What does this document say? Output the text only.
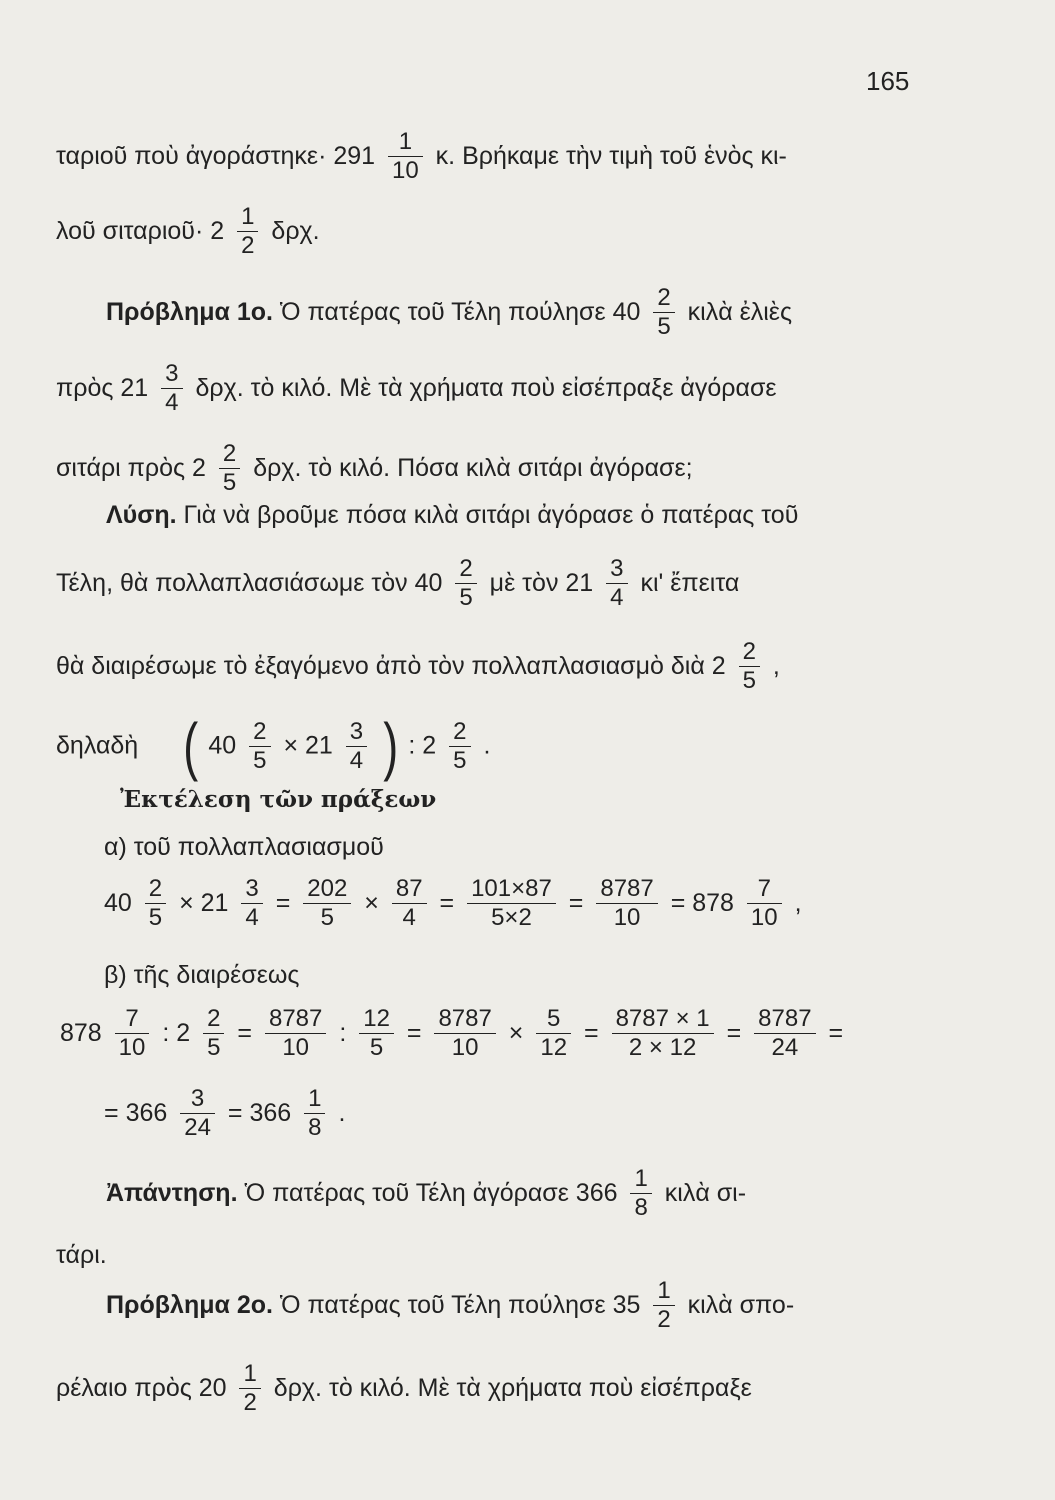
165
ταριοῦ ποὺ ἀγοράστηκε· $291 \frac{1}{10} \kappa$. Βρήκαμε τὴν τιμὴ τοῦ ἑνὸς κι-
λοῦ σιταριοῦ· $2 \frac{1}{2} \delta\rho\chi$.
Πρόβλημα 1ο. Ὁ πατέρας τοῦ Τέλη πούλησε $40 \frac{2}{5}$ κιλὰ ἐλιὲς
πρὸς $21 \frac{3}{4} \delta\rho\chi$. τὸ κιλό. Μὲ τὰ χρήματα ποὺ εἰσέπραξε ἀγόρασε
σιτάρι πρὸς $2 \frac{2}{5} \delta\rho\chi$. τὸ κιλό. Πόσα κιλὰ σιτάρι ἀγόρασε;
Λύση. Γιὰ νὰ βροῦμε πόσα κιλὰ σιτάρι ἀγόρασε ὁ πατέρας τοῦ
Τέλη, θὰ πολλαπλασιάσωμε τὸν $40 \frac{2}{5}$ μὲ τὸν $21 \frac{3}{4} \kappa\iota'$ ἔπειτα
θὰ διαιρέσωμε τὸ ἐξαγόμενο ἀπὸ τὸν πολλαπλασιασμὸ διὰ $2 \frac{2}{5}$ ,
δηλαδὴ ( $40 \frac{2}{5} \times 21 \frac{3}{4}$ ) : $2 \frac{2}{5}$ .
Ἐκτέλεση τῶν πράξεων
α) τοῦ πολλαπλασιασμοῦ
$40 \frac{2}{5} \times 21 \frac{3}{4} = \frac{202}{5} \times \frac{87}{4} = \frac{101\times 87}{5\times 2} = \frac{8787}{10} = 878 \frac{7}{10}$ ,
β) τῆς διαιρέσεως
$878 \frac{7}{10}$ : $2 \frac{2}{5} = \frac{8787}{10}$ : $\frac{12}{5} = \frac{8787}{10} \times \frac{5}{12} = \frac{8787 \times 1}{2 \times 12} = \frac{8787}{24}$ =
= $366 \frac{3}{24} = 366 \frac{1}{8}$ .
Ἀπάντηση. Ὁ πατέρας τοῦ Τέλη ἀγόρασε $366 \frac{1}{8}$ κιλὰ σι-
τάρι.
Πρόβλημα 2ο. Ὁ πατέρας τοῦ Τέλη πούλησε $35 \frac{1}{2}$ κιλὰ σπο-
ρέλαιο πρὸς $20 \frac{1}{2} \delta\rho\chi$. τὸ κιλό. Μὲ τὰ χρήματα ποὺ εἰσέπραξε
